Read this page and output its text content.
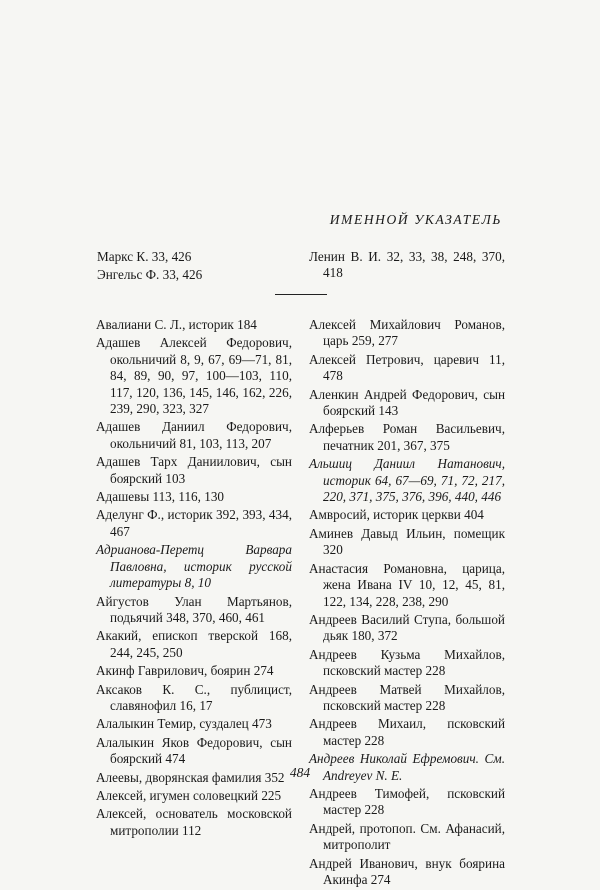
ИМЕННОЙ УКАЗАТЕЛЬ
Маркс К. 33, 426
Энгельс Ф. 33, 426
Ленин В. И. 32, 33, 38, 248, 370, 418
Авалиани С. Л., историк 184
Адашев Алексей Федорович, окольничий 8, 9, 67, 69—71, 81, 84, 89, 90, 97, 100—103, 110, 117, 120, 136, 145, 146, 162, 226, 239, 290, 323, 327
Адашев Даниил Федорович, окольничий 81, 103, 113, 207
Адашев Тарх Даниилович, сын боярский 103
Адашевы 113, 116, 130
Аделунг Ф., историк 392, 393, 434, 467
Адрианова-Перетц Варвара Павловна, историк русской литературы 8, 10
Айгустов Улан Мартьянов, подьячий 348, 370, 460, 461
Акакий, епископ тверской 168, 244, 245, 250
Акинф Гаврилович, боярин 274
Аксаков К. С., публицист, славянофил 16, 17
Алалыкин Темир, суздалец 473
Алалыкин Яков Федорович, сын боярский 474
Алеевы, дворянская фамилия 352
Алексей, игумен соловецкий 225
Алексей, основатель московской митрополии 112
Алексей Михайлович Романов, царь 259, 277
Алексей Петрович, царевич 11, 478
Аленкин Андрей Федорович, сын боярский 143
Алферьев Роман Васильевич, печатник 201, 367, 375
Альшиц Даниил Натанович, историк 64, 67—69, 71, 72, 217, 220, 371, 375, 376, 396, 440, 446
Амвросий, историк церкви 404
Аминев Давыд Ильин, помещик 320
Анастасия Романовна, царица, жена Ивана IV 10, 12, 45, 81, 122, 134, 228, 238, 290
Андреев Василий Ступа, большой дьяк 180, 372
Андреев Кузьма Михайлов, псковский мастер 228
Андреев Матвей Михайлов, псковский мастер 228
Андреев Михаил, псковский мастер 228
Андреев Николай Ефремович. См. Andreyev N. E.
Андреев Тимофей, псковский мастер 228
Андрей, протопоп. См. Афанасий, митрополит
Андрей Иванович, внук боярина Акинфа 274
484
